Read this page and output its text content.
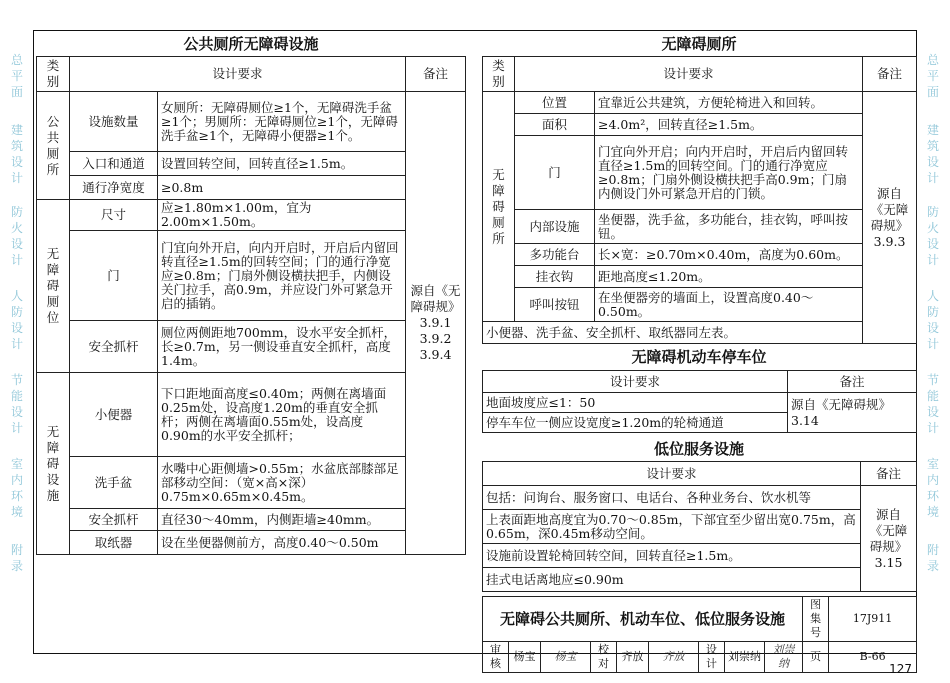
总平面
建筑设计
防火设计
人防设计
节能设计
室内环境
附录
总平面
建筑设计
防火设计
人防设计
节能设计
室内环境
附录
公共厕所无障碍设施
类别	设计要求		备注

公共厕所	设施数量	女厕所：无障碍厕位≥1个，无障碍洗手盆≥1个；男厕所：无障碍厕位≥1个，无障碍洗手盆≥1个，无障碍小便器≥1个。	源自《无障碍规》3.9.1 3.9.2 3.9.4

	入口和通道	设置回转空间，回转直径≥1.5m。	
	通行净宽度	≥0.8m	

无障碍厕位	尺寸	应≥1.80m×1.00m，宜为2.00m×1.50m。	
	门	门宜向外开启，向内开启时，开启后内留回转直径≥1.5m的回转空间；门的通行净宽应≥0.8m；门扇外侧设横扶把手，内侧设关门拉手，高0.9m，并应设门外可紧急开启的插销。	
	安全抓杆	厕位两侧距地700mm，设水平安全抓杆，长≥0.7m，另一侧设垂直安全抓杆，高度1.4m。	

无障碍设施	小便器	下口距地面高度≤0.40m；两侧在离墙面0.25m处，设高度1.20m的垂直安全抓杆；两侧在离墙面0.55m处，设高度0.90m的水平安全抓杆；	
	洗手盆	水嘴中心距侧墙>0.55m；水盆底部膝部足部移动空间：（宽×高×深）0.75m×0.65m×0.45m。	
	安全抓杆	直径30～40mm，内侧距墙≥40mm。	
	取纸器	设在坐便器侧前方，高度0.40～0.50m	
无障碍厕所
类别	设计要求		备注

无障碍厕所	位置	宜靠近公共建筑，方便轮椅进入和回转。	源自《无障碍规》3.9.3

	面积	≥4.0m²，回转直径≥1.5m。	
	门	门宜向外开启；向内开启时，开启后内留回转直径≥1.5m的回转空间。门的通行净宽应≥0.8m；门扇外侧设横扶把手高0.9m；门扇内侧设门外可紧急开启的门锁。	
	内部设施	坐便器，洗手盆，多功能台，挂衣钩，呼叫按钮。	
	多功能台	长×宽：≥0.70m×0.40m，高度为0.60m。	
	挂衣钩	距地高度≤1.20m。	
	呼叫按钮	在坐便器旁的墙面上，设置高度0.40～0.50m。	
小便器、洗手盆、安全抓杆、取纸器同左表。			
无障碍机动车停车位
设计要求	备注
地面坡度应≤1：50	源自《无障碍规》3.14
停车车位一侧应设宽度≥1.20m的轮椅通道	
低位服务设施
设计要求	备注
包括：问询台、服务窗口、电话台、各种业务台、饮水机等	源自《无障碍规》3.15
上表面距地高度宜为0.70～0.85m，下部宜至少留出宽0.75m，高0.65m，深0.45m移动空间。	
设施前设置轮椅回转空间，回转直径≥1.5m。	
挂式电话离地应≤0.90m	
无障碍公共厕所、机动车位、低位服务设施									图集号	17J911
审核	杨宝	杨宝	校对	齐放	齐放	设计	刘崇纳	刘崇纳	页	B-66
127
